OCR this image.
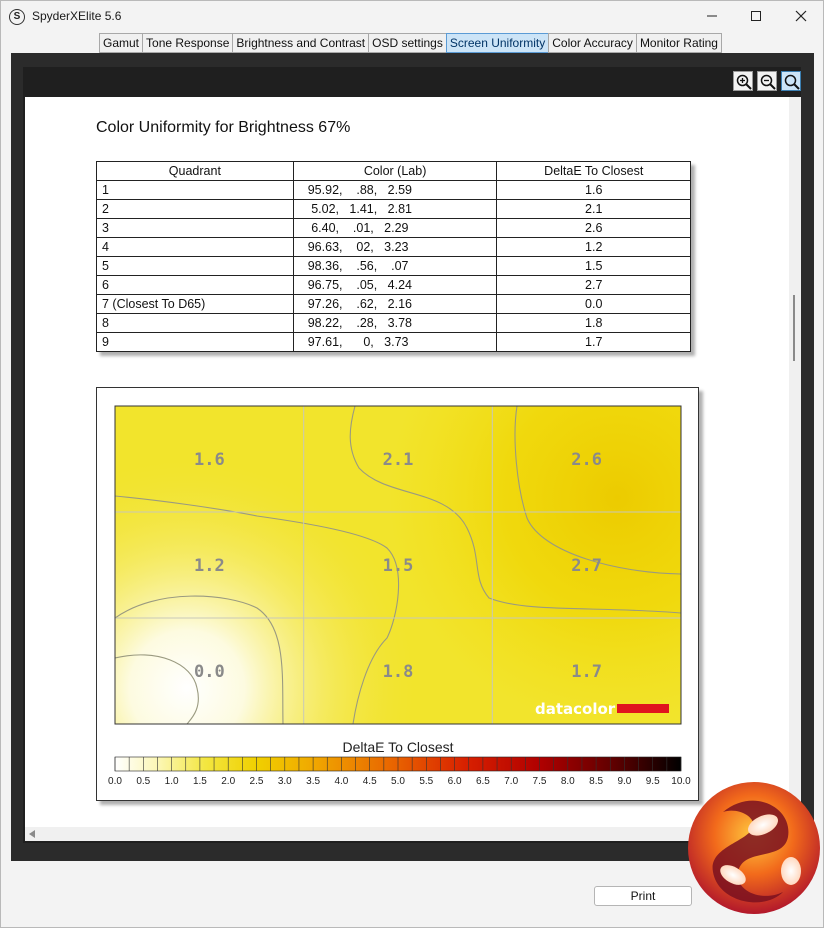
S SpyderXElite 5.6
Gamut Tone Response Brightness and Contrast OSD settings Screen Uniformity Color Accuracy Monitor Rating
Color Uniformity for Brightness 67%
Quadrant	Color (Lab)	DeltaE To Closest
1	95.92,    .88,   2.59	1.6
2	5.02,   1.41,   2.81	2.1
3	6.40,    .01,   2.29	2.6
4	96.63,    02,   3.23	1.2
5	98.36,    .56,    .07	1.5
6	96.75,    .05,   4.24	2.7
7 (Closest To D65)	97.26,    .62,   2.16	0.0
8	98.22,    .28,   3.78	1.8
9	97.61,      0,   3.73	1.7
1.6	2.1	2.6
1.2	1.5	2.7
0.0	1.8	1.7
datacolor
DeltaE To Closest
0.0 0.5 1.0 1.5 2.0 2.5 3.0 3.5 4.0 4.5 5.0 5.5 6.0 6.5 7.0 7.5 8.0 8.5 9.0 9.5 10.0
Print
